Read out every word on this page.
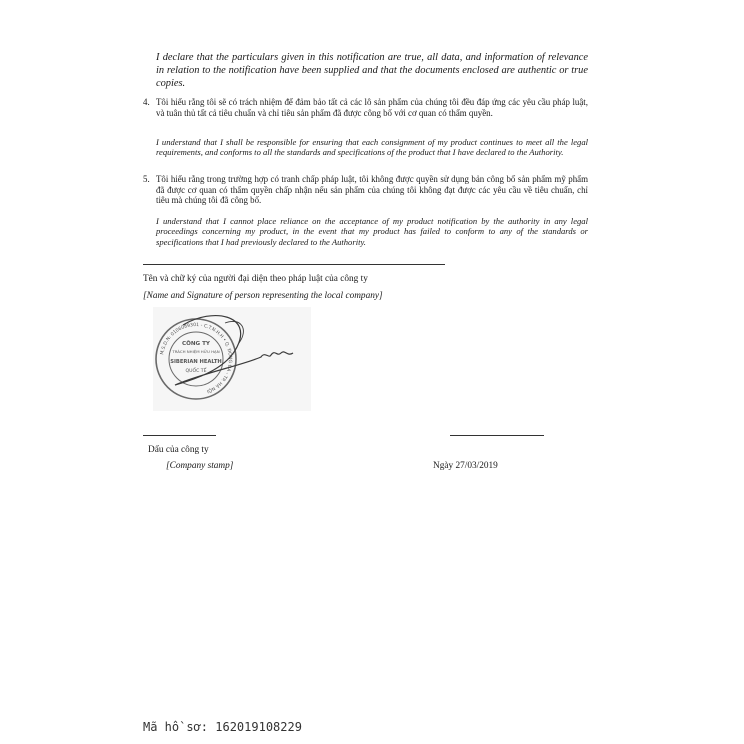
I declare that the particulars given in this notification are true, all data, and information of relevance in relation to the notification have been supplied and that the documents enclosed are authentic or true copies.
4. Tôi hiểu rằng tôi sẽ có trách nhiệm để đảm bảo tất cả các lô sản phẩm của chúng tôi đều đáp ứng các yêu cầu pháp luật, và tuân thủ tất cả tiêu chuẩn và chỉ tiêu sản phẩm đã được công bố với cơ quan có thẩm quyền.
I understand that I shall be responsible for ensuring that each consignment of my product continues to meet all the legal requirements, and conforms to all the standards and specifications of the product that I have declared to the Authority.
5. Tôi hiểu rằng trong trường hợp có tranh chấp pháp luật, tôi không được quyền sử dụng bản công bố sản phẩm mỹ phẩm đã được cơ quan có thẩm quyền chấp nhận nếu sản phẩm của chúng tôi không đạt được các yêu cầu về tiêu chuẩn, chỉ tiêu mà chúng tôi đã công bố.
I understand that I cannot place reliance on the acceptance of my product notification by the authority in any legal proceedings concerning my product, in the event that my product has failed to conform to any of the standards or specifications that I had previously declared to the Authority.
Tên và chữ ký của người đại diện theo pháp luật của công ty
[Name and Signature of person representing the local company]
M.S.D.N: 0106089301 - C.T.N.H.H • Q. ĐỐNG ĐA - TP. HÀ NỘI
CÔNG TY
TRÁCH NHIỆM HỮU HẠN
SIBERIAN HEALTH
QUỐC TẾ
Dấu của công ty
[Company stamp]	Ngày 27/03/2019
Mã hồ sơ: 162019108229
